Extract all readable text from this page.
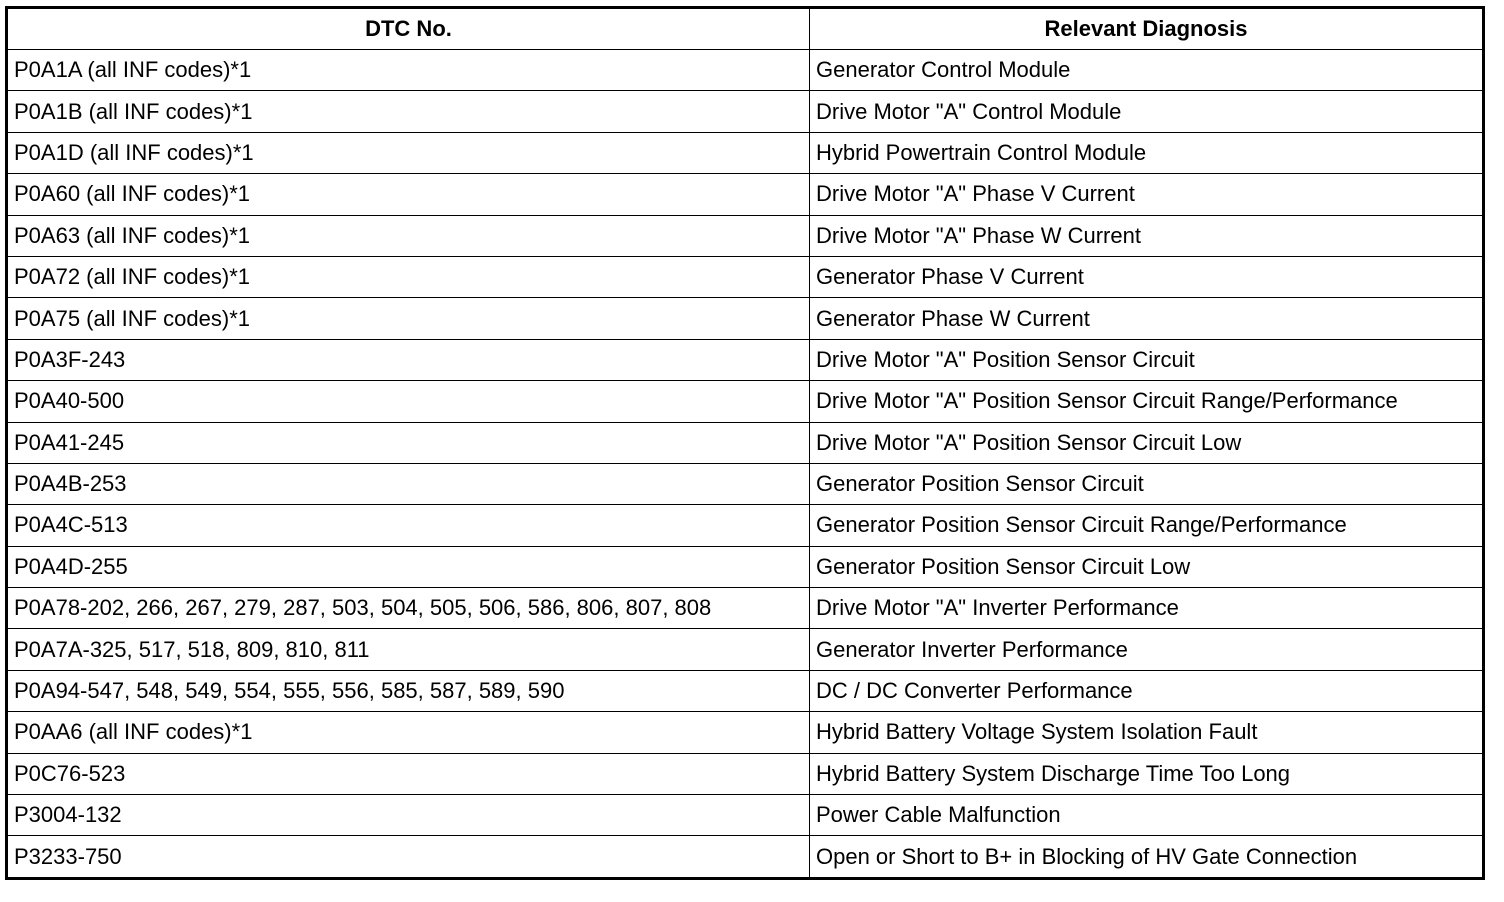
DTC No.	Relevant Diagnosis
P0A1A (all INF codes)*1	Generator Control Module
P0A1B (all INF codes)*1	Drive Motor "A" Control Module
P0A1D (all INF codes)*1	Hybrid Powertrain Control Module
P0A60 (all INF codes)*1	Drive Motor "A" Phase V Current
P0A63 (all INF codes)*1	Drive Motor "A" Phase W Current
P0A72 (all INF codes)*1	Generator Phase V Current
P0A75 (all INF codes)*1	Generator Phase W Current
P0A3F-243	Drive Motor "A" Position Sensor Circuit
P0A40-500	Drive Motor "A" Position Sensor Circuit Range/Performance
P0A41-245	Drive Motor "A" Position Sensor Circuit Low
P0A4B-253	Generator Position Sensor Circuit
P0A4C-513	Generator Position Sensor Circuit Range/Performance
P0A4D-255	Generator Position Sensor Circuit Low
P0A78-202, 266, 267, 279, 287, 503, 504, 505, 506, 586, 806, 807, 808	Drive Motor "A" Inverter Performance
P0A7A-325, 517, 518, 809, 810, 811	Generator Inverter Performance
P0A94-547, 548, 549, 554, 555, 556, 585, 587, 589, 590	DC / DC Converter Performance
P0AA6 (all INF codes)*1	Hybrid Battery Voltage System Isolation Fault
P0C76-523	Hybrid Battery System Discharge Time Too Long
P3004-132	Power Cable Malfunction
P3233-750	Open or Short to B+ in Blocking of HV Gate Connection
